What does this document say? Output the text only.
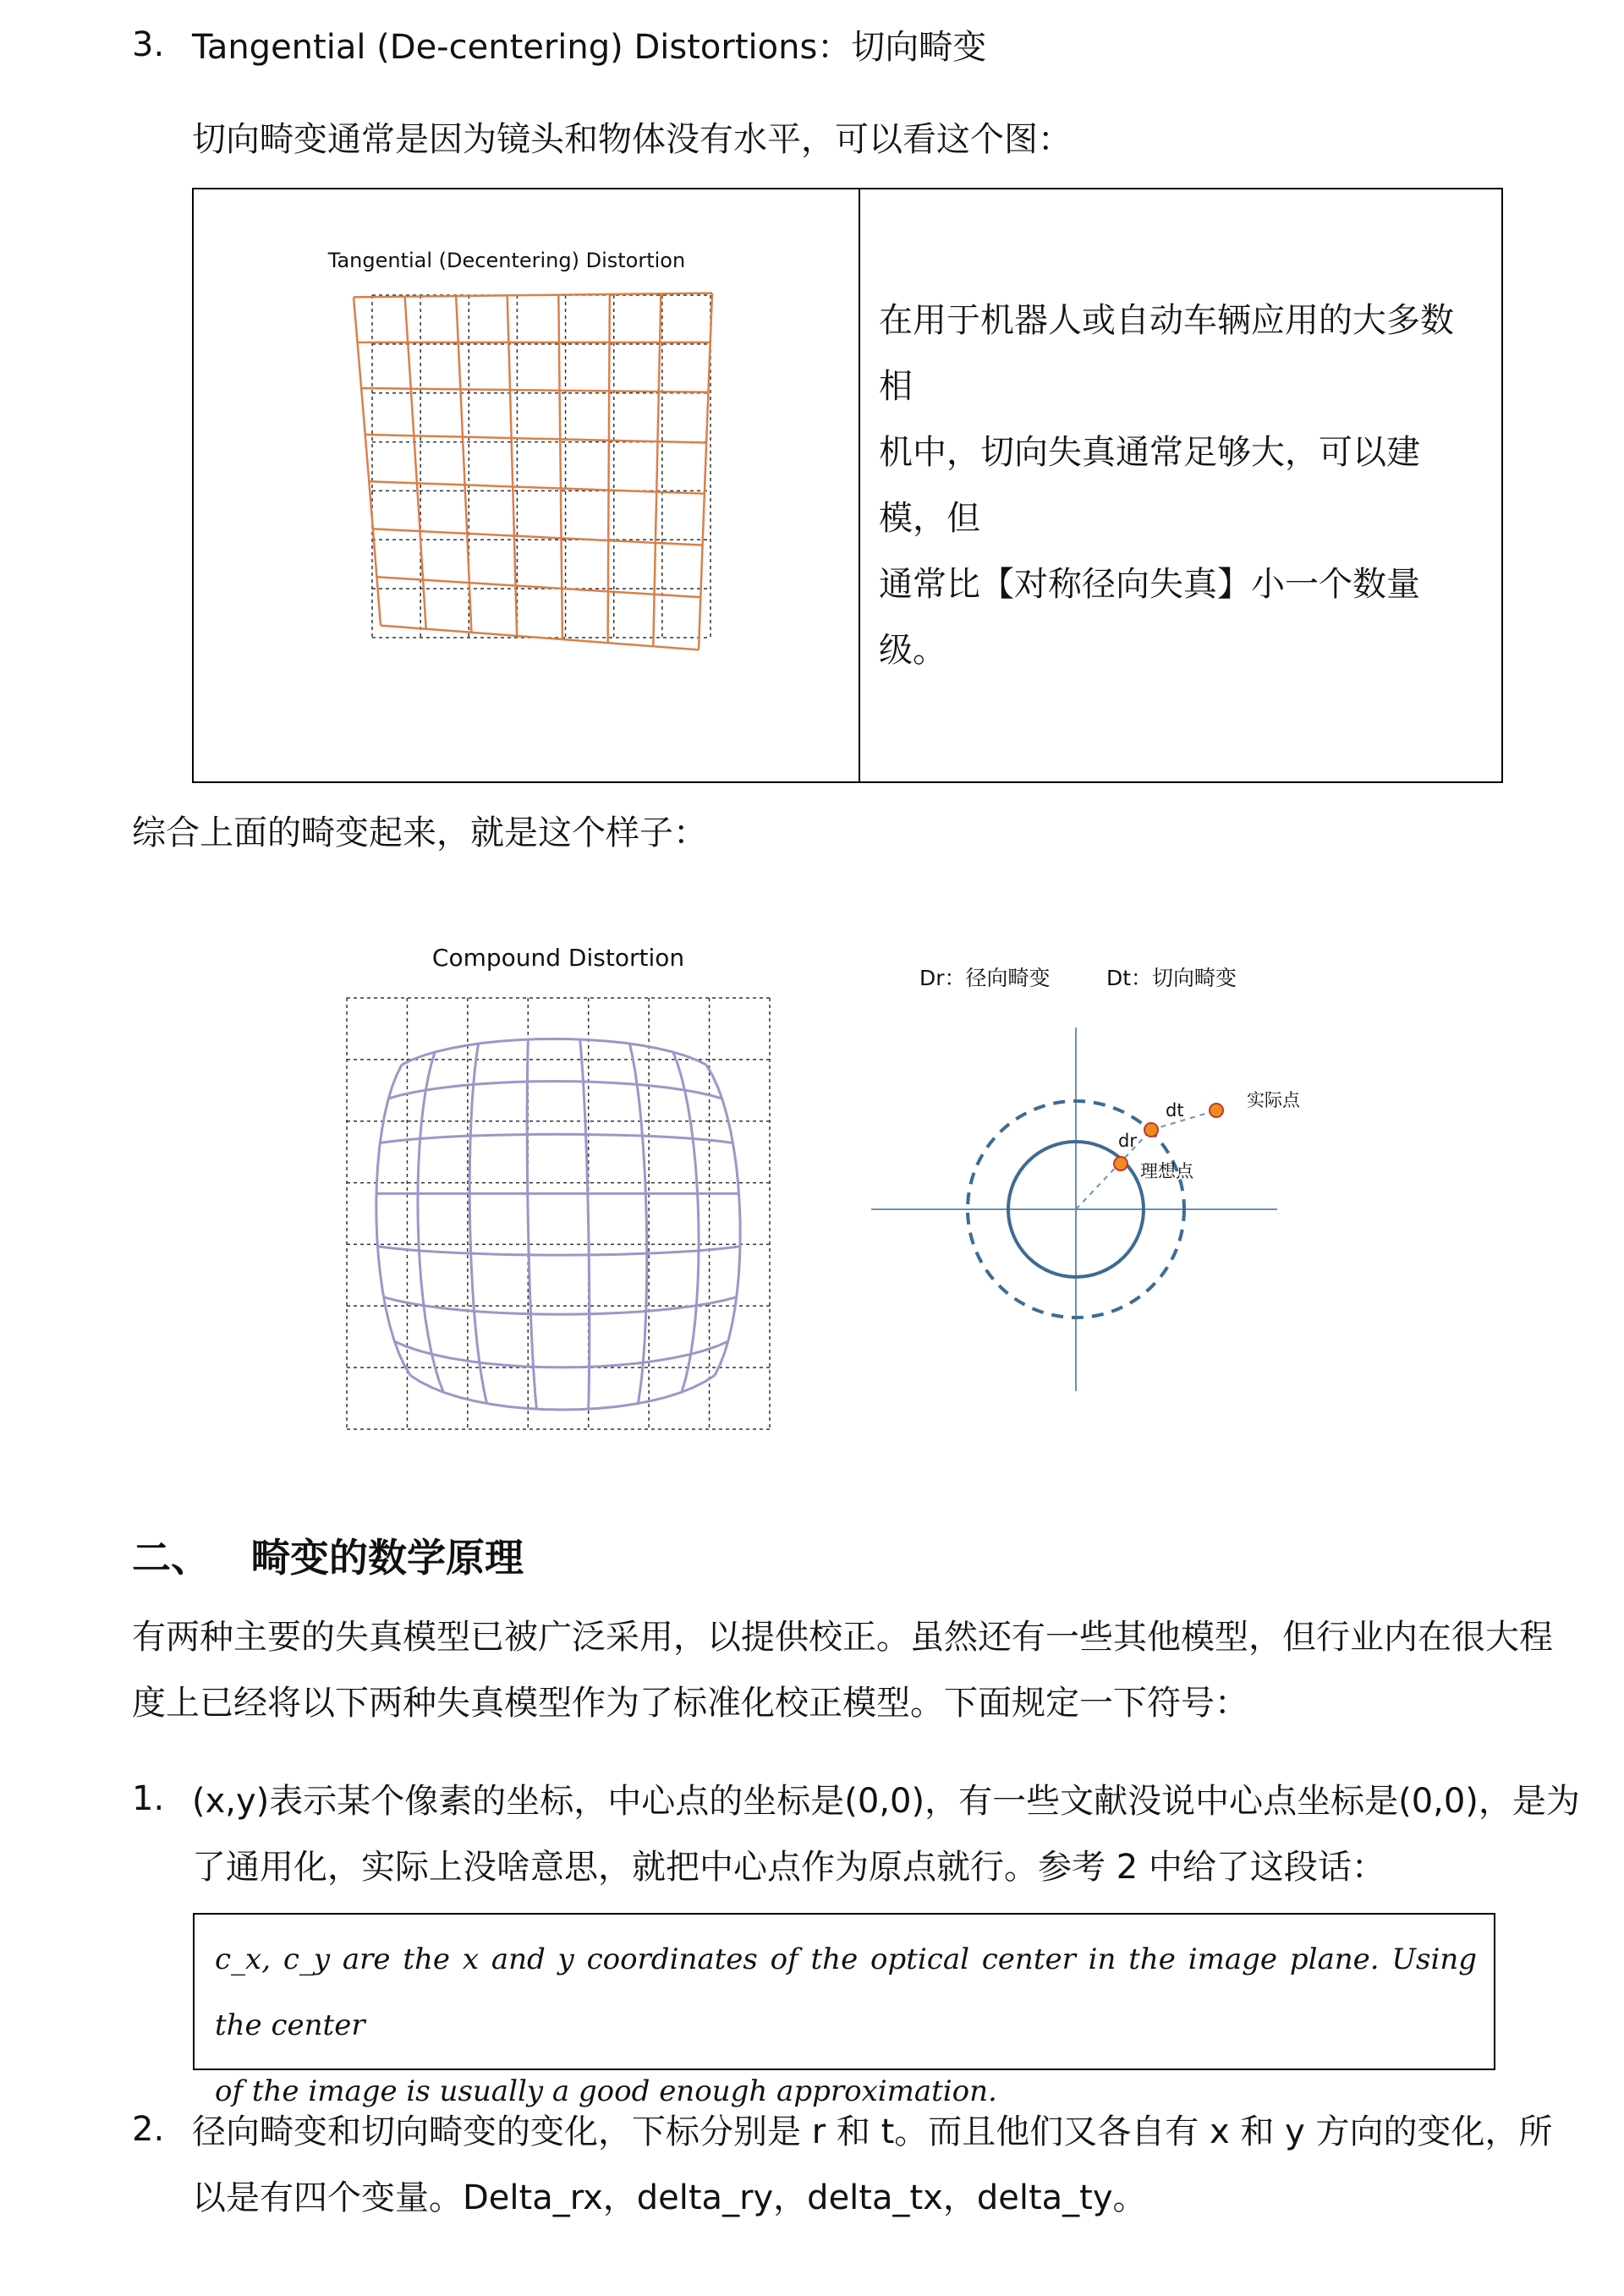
3. Tangential (De-centering) Distortions：切向畸变
切向畸变通常是因为镜头和物体没有水平，可以看这个图：
Tangential (Decentering) Distortion

在用于机器人或自动车辆应用的大多数相
机中，切向失真通常足够大，可以建模，但
通常比【对称径向失真】小一个数量级。
综合上面的畸变起来，就是这个样子：
Compound Distortion
Dr：径向畸变	Dt：切向畸变
dt
dr
实际点
理想点
二、 畸变的数学原理
有两种主要的失真模型已被广泛采用，以提供校正。虽然还有一些其他模型，但行业内在很大程
度上已经将以下两种失真模型作为了标准化校正模型。下面规定一下符号：
1. (x,y)表示某个像素的坐标，中心点的坐标是(0,0)，有一些文献没说中心点坐标是(0,0)，是为
了通用化，实际上没啥意思，就把中心点作为原点就行。参考 2 中给了这段话：
c_x, c_y are the x and y coordinates of the optical center in the image plane. Using the center
of the image is usually a good enough approximation.
2. 径向畸变和切向畸变的变化，下标分别是 r 和 t。而且他们又各自有 x 和 y 方向的变化，所
以是有四个变量。Delta_rx，delta_ry，delta_tx，delta_ty。
